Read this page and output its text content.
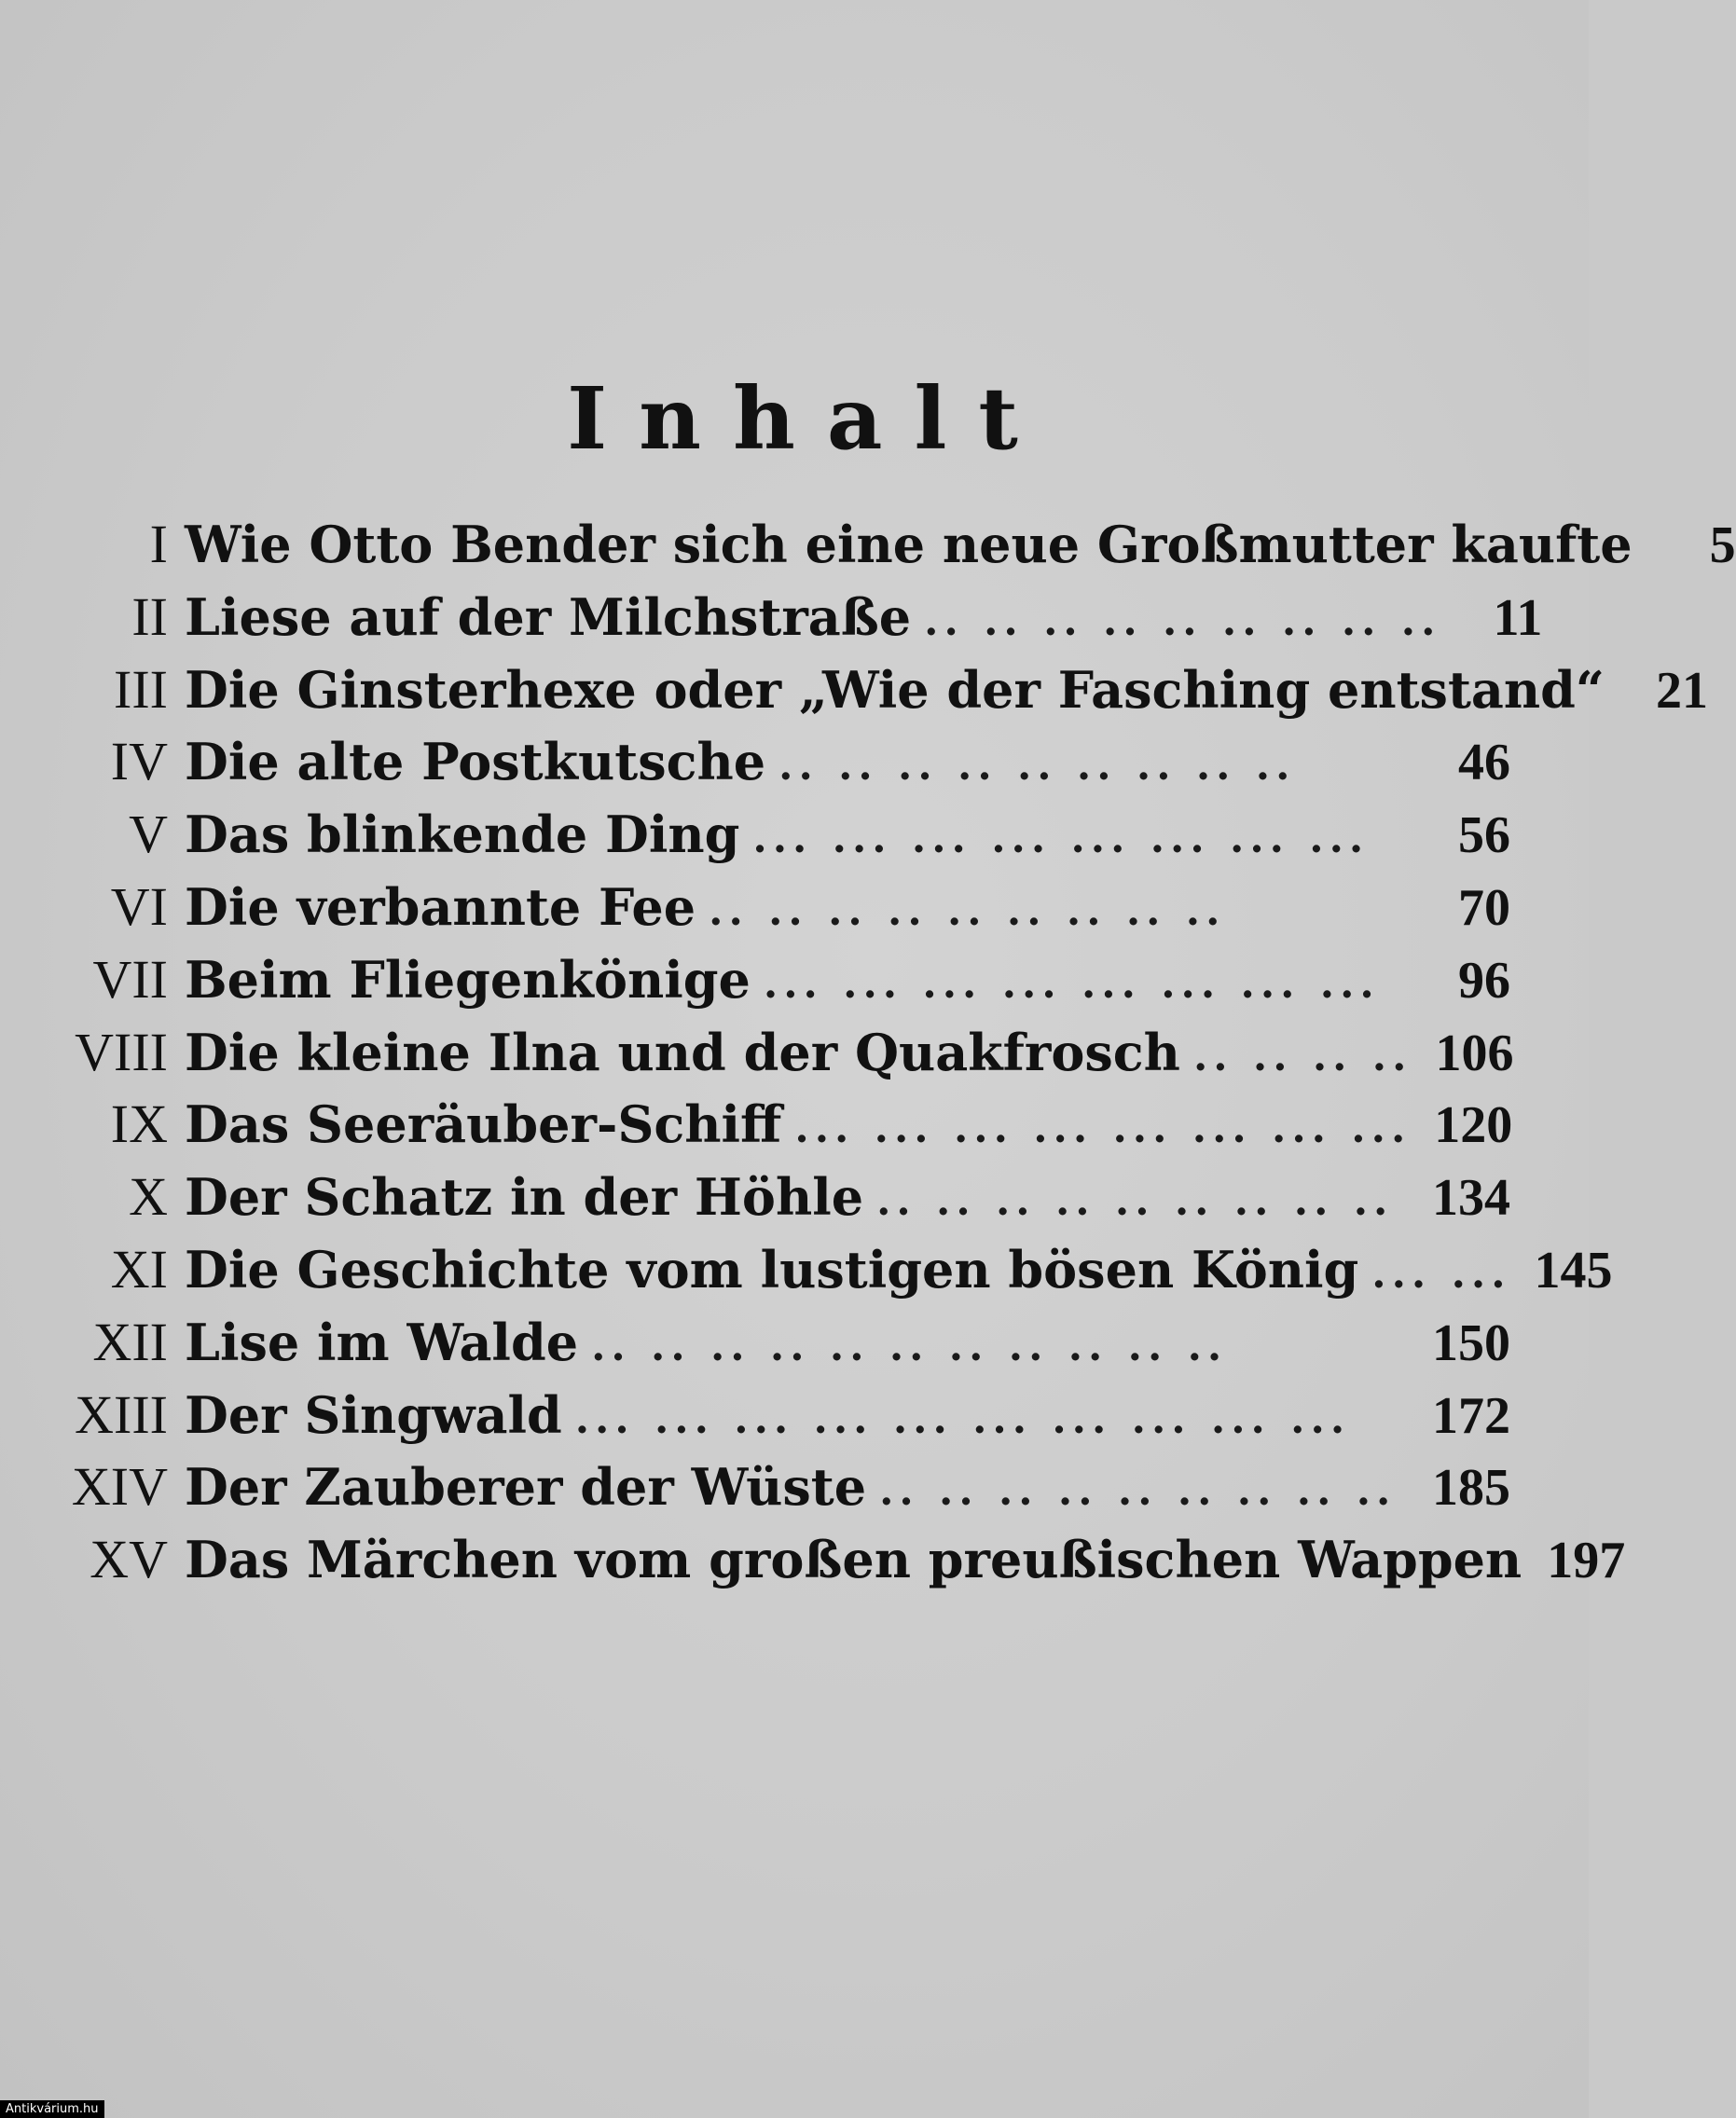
Inhalt
I Wie Otto Bender sich eine neue Großmutter kaufte	5
II Liese auf der Milchstraße .. .. .. .. .. .. .. .. ..	11
III Die Ginsterhexe oder „Wie der Fasching entstand“ 21
IV Die alte Postkutsche .. .. .. .. .. .. .. .. ..	46
V Das blinkende Ding ... ... ... ... ... ... ... ...	56
VI Die verbannte Fee .. .. .. .. .. .. .. .. ..	70
VII Beim Fliegenkönige ... ... ... ... ... ... ... ...	96
VIII Die kleine Ilna und der Quakfrosch .. .. .. .. 106
IX Das Seeräuber-Schiff ... ... ... ... ... ... ... ... 120
X Der Schatz in der Höhle .. .. .. .. .. .. .. .. .. 134
XI Die Geschichte vom lustigen bösen König ... ... 145
XII Lise im Walde .. .. .. .. .. .. .. .. .. .. ..	150
XIII Der Singwald ... ... ... ... ... ... ... ... ... ...	172
XIV Der Zauberer der Wüste .. .. .. .. .. .. .. .. .. 185
XV Das Märchen vom großen preußischen Wappen 197
Antikvárium.hu
